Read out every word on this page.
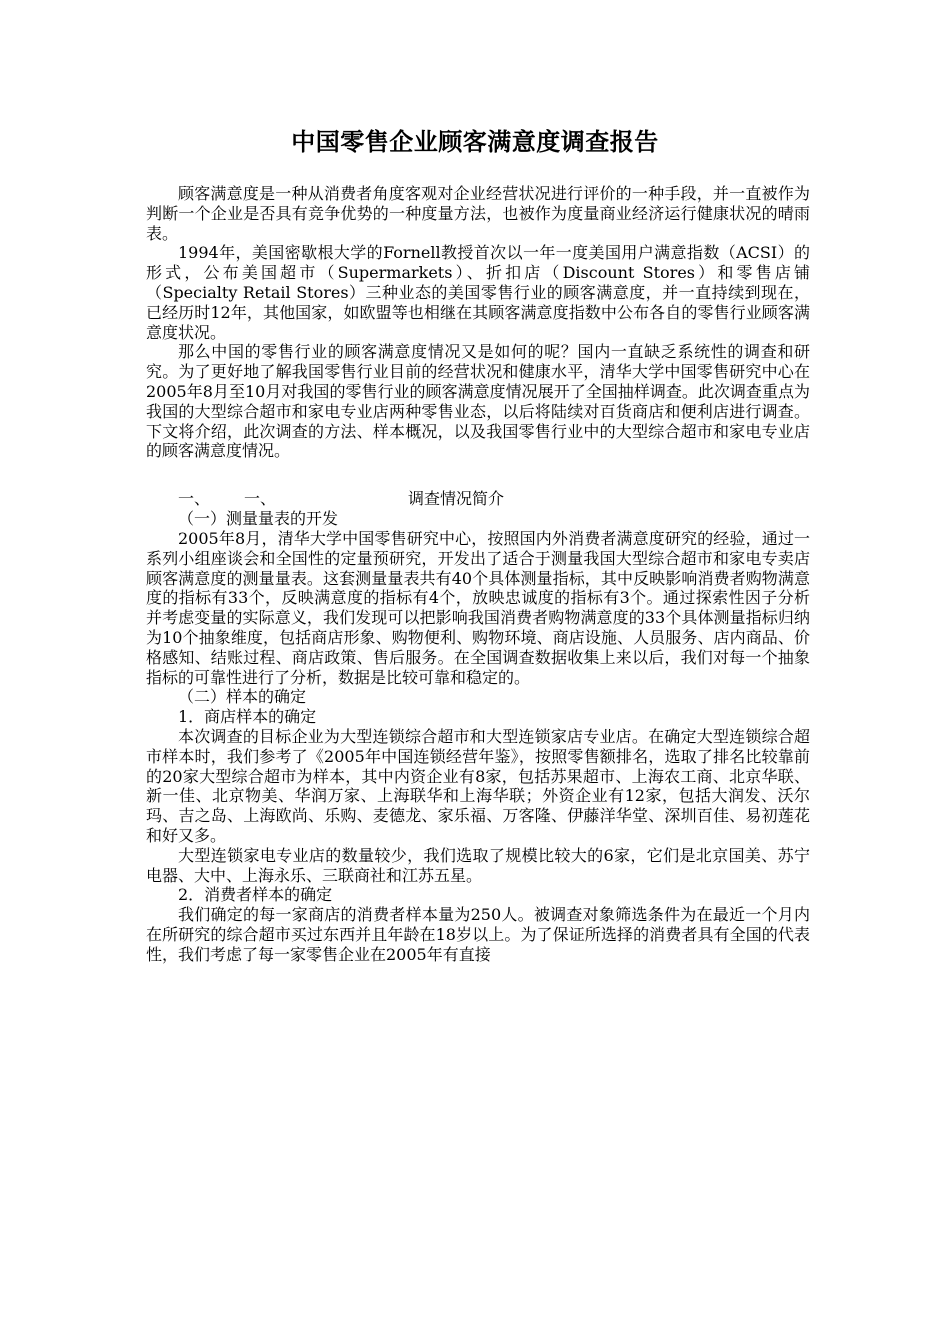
中国零售企业顾客满意度调查报告

顾客满意度是一种从消费者角度客观对企业经营状况进行评价的一种手段，并一直被作为判断一个企业是否具有竞争优势的一种度量方法，也被作为度量商业经济运行健康状况的晴雨表。

1994年，美国密歇根大学的Fornell教授首次以一年一度美国用户满意指数（ACSI）的形式，公布美国超市（Supermarkets）、折扣店（Discount Stores）和零售店铺（Specialty Retail Stores）三种业态的美国零售行业的顾客满意度，并一直持续到现在，已经历时12年，其他国家，如欧盟等也相继在其顾客满意度指数中公布各自的零售行业顾客满意度状况。

那么中国的零售行业的顾客满意度情况又是如何的呢？国内一直缺乏系统性的调查和研究。为了更好地了解我国零售行业目前的经营状况和健康水平，清华大学中国零售研究中心在2005年8月至10月对我国的零售行业的顾客满意度情况展开了全国抽样调查。此次调查重点为我国的大型综合超市和家电专业店两种零售业态，以后将陆续对百货商店和便利店进行调查。下文将介绍，此次调查的方法、样本概况，以及我国零售行业中的大型综合超市和家电专业店的顾客满意度情况。

一、 一、	调查情况简介

（一）测量量表的开发

2005年8月，清华大学中国零售研究中心，按照国内外消费者满意度研究的经验，通过一系列小组座谈会和全国性的定量预研究，开发出了适合于测量我国大型综合超市和家电专卖店顾客满意度的测量量表。这套测量量表共有40个具体测量指标，其中反映影响消费者购物满意度的指标有33个，反映满意度的指标有4个，放映忠诚度的指标有3个。通过探索性因子分析并考虑变量的实际意义，我们发现可以把影响我国消费者购物满意度的33个具体测量指标归纳为10个抽象维度，包括商店形象、购物便利、购物环境、商店设施、人员服务、店内商品、价格感知、结账过程、商店政策、售后服务。在全国调查数据收集上来以后，我们对每一个抽象指标的可靠性进行了分析，数据是比较可靠和稳定的。

（二）样本的确定

1．商店样本的确定

本次调查的目标企业为大型连锁综合超市和大型连锁家店专业店。在确定大型连锁综合超市样本时，我们参考了《2005年中国连锁经营年鉴》，按照零售额排名，选取了排名比较靠前的20家大型综合超市为样本，其中内资企业有8家，包括苏果超市、上海农工商、北京华联、新一佳、北京物美、华润万家、上海联华和上海华联；外资企业有12家，包括大润发、沃尔玛、吉之岛、上海欧尚、乐购、麦德龙、家乐福、万客隆、伊藤洋华堂、深圳百佳、易初莲花和好又多。

大型连锁家电专业店的数量较少，我们选取了规模比较大的6家，它们是北京国美、苏宁电器、大中、上海永乐、三联商社和江苏五星。

2．消费者样本的确定

我们确定的每一家商店的消费者样本量为250人。被调查对象筛选条件为在最近一个月内在所研究的综合超市买过东西并且年龄在18岁以上。为了保证所选择的消费者具有全国的代表性，我们考虑了每一家零售企业在2005年有直接
